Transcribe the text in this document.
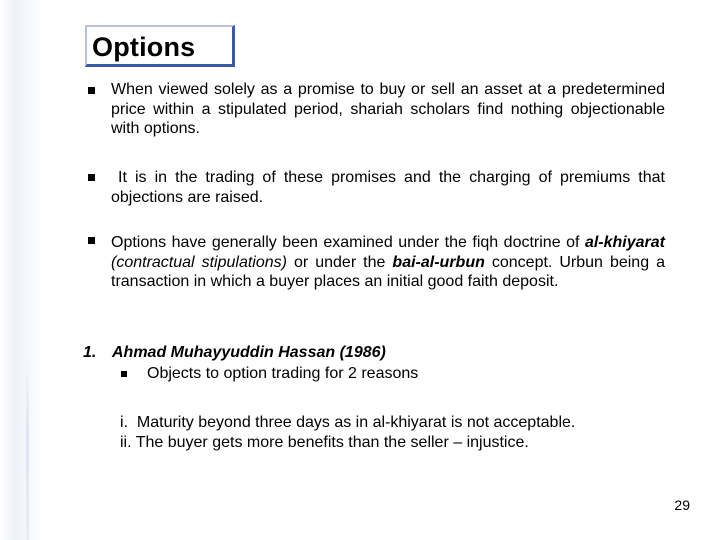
Options
When viewed solely as a promise to buy or sell an asset at a predetermined price within a stipulated period, shariah scholars find nothing objectionable with options.
It is in the trading of these promises and the charging of premiums that objections are raised.
Options have generally been examined under the fiqh doctrine of al-khiyarat (contractual stipulations) or under the bai-al-urbun concept. Urbun being a transaction in which a buyer places an initial good faith deposit.
1. Ahmad Muhayyuddin Hassan (1986)
Objects to option trading for 2 reasons
i.  Maturity beyond three days as in al-khiyarat is not acceptable.
ii. The buyer gets more benefits than the seller – injustice.
29
